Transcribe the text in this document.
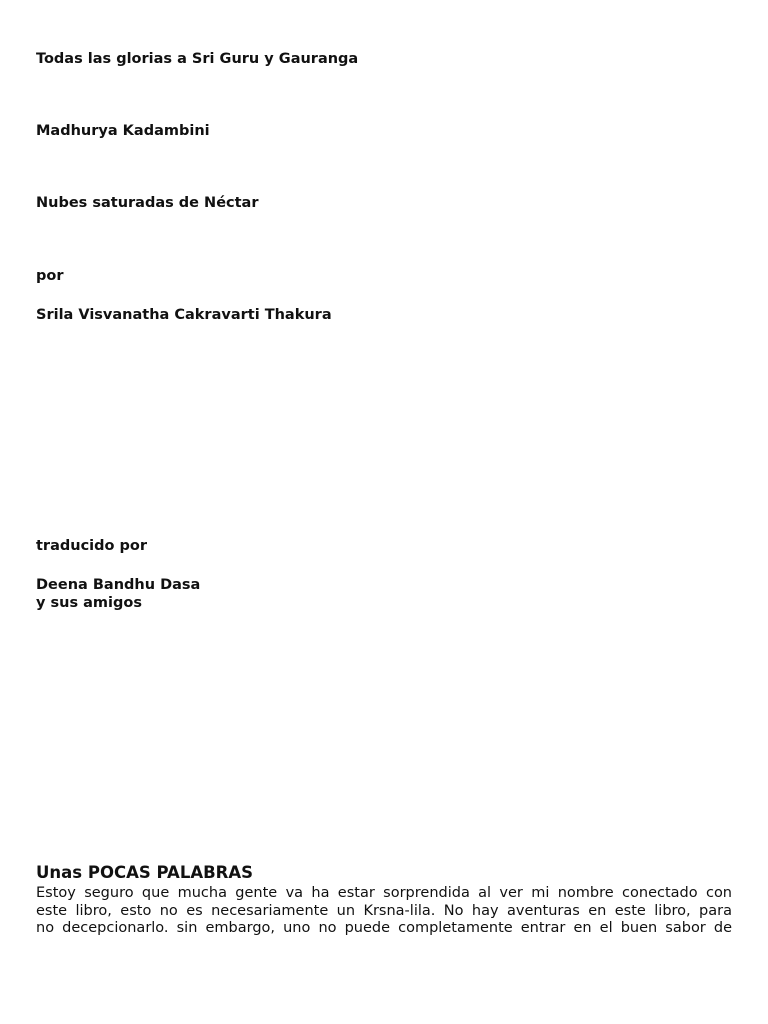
Todas las glorias a Sri Guru y Gauranga

Madhurya Kadambini

Nubes saturadas de Néctar

por

Srila Visvanatha Cakravarti Thakura

traducido por

Deena Bandhu Dasa

y sus amigos

Unas POCAS PALABRAS
Estoy seguro que mucha gente va ha estar sorprendida al ver mi nombre conectado con
este libro, esto no es necesariamente un Krsna-lila. No hay aventuras en este libro, para
no decepcionarlo. sin embargo, uno no puede completamente entrar en el buen sabor de
